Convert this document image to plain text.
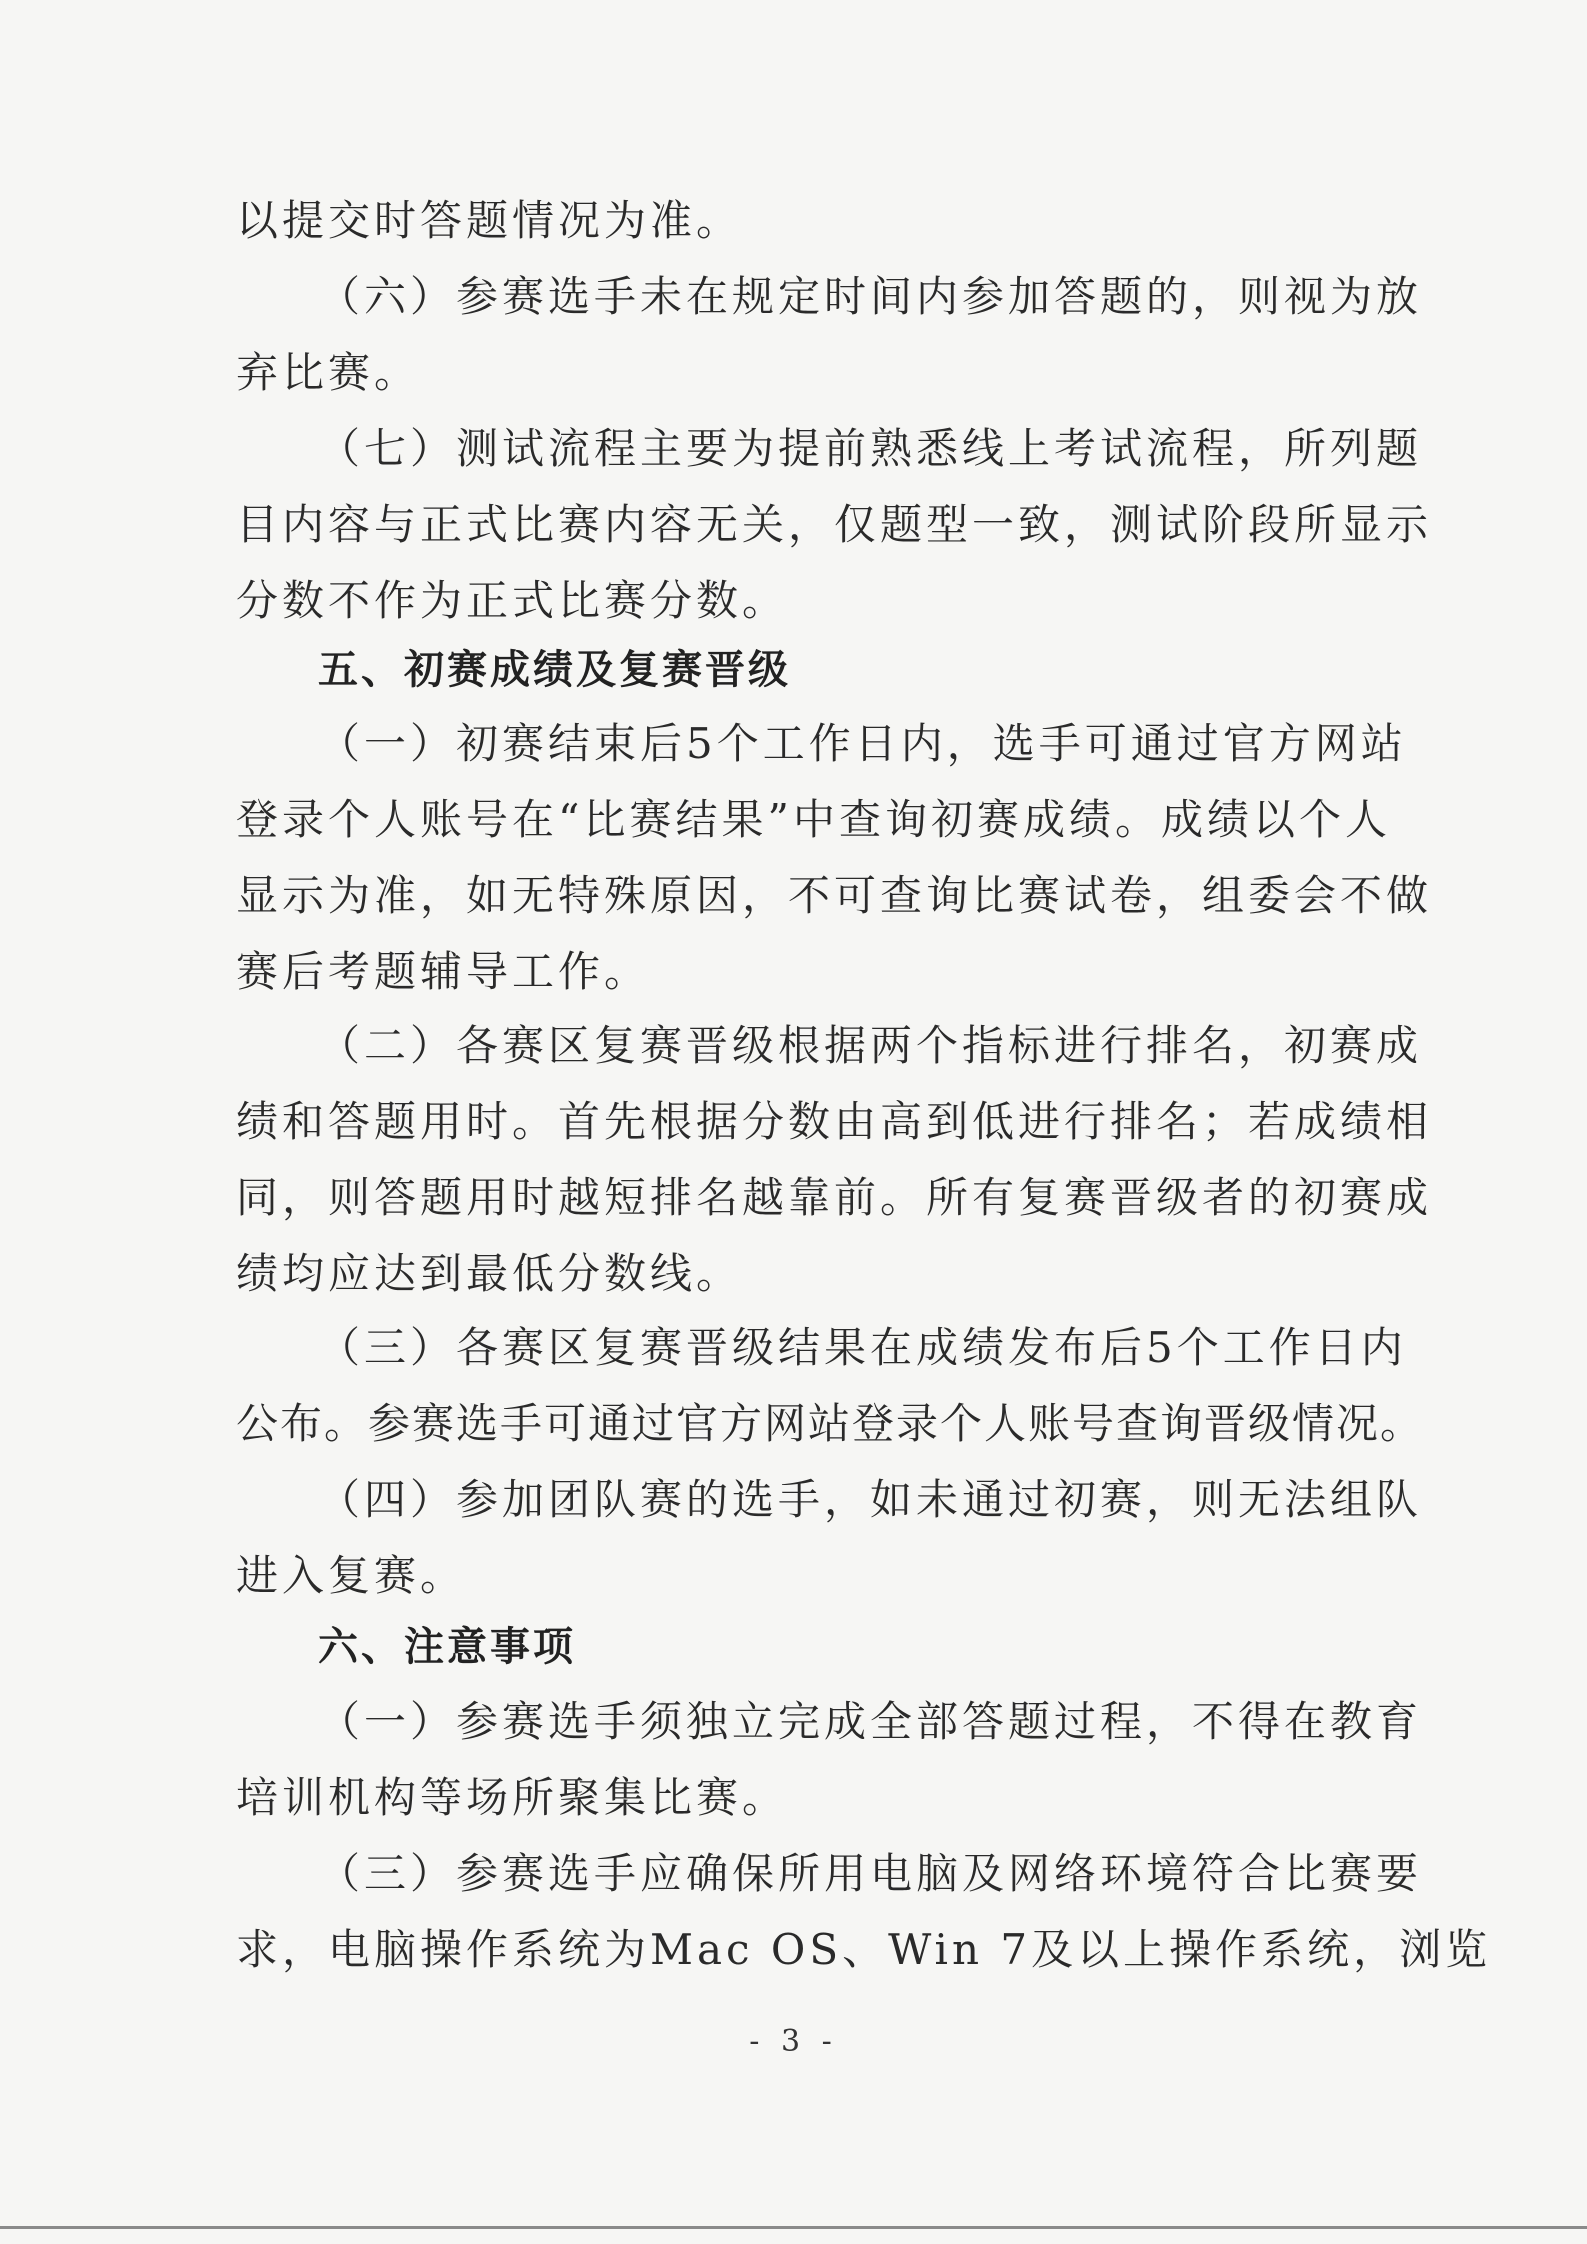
以提交时答题情况为准。
（六）参赛选手未在规定时间内参加答题的，则视为放
弃比赛。
（七）测试流程主要为提前熟悉线上考试流程，所列题
目内容与正式比赛内容无关，仅题型一致，测试阶段所显示
分数不作为正式比赛分数。
五、初赛成绩及复赛晋级
（一）初赛结束后5个工作日内，选手可通过官方网站
登录个人账号在“比赛结果”中查询初赛成绩。成绩以个人
显示为准，如无特殊原因，不可查询比赛试卷，组委会不做
赛后考题辅导工作。
（二）各赛区复赛晋级根据两个指标进行排名，初赛成
绩和答题用时。首先根据分数由高到低进行排名；若成绩相
同，则答题用时越短排名越靠前。所有复赛晋级者的初赛成
绩均应达到最低分数线。
（三）各赛区复赛晋级结果在成绩发布后5个工作日内
公布。参赛选手可通过官方网站登录个人账号查询晋级情况。
（四）参加团队赛的选手，如未通过初赛，则无法组队
进入复赛。
六、注意事项
（一）参赛选手须独立完成全部答题过程，不得在教育
培训机构等场所聚集比赛。
（三）参赛选手应确保所用电脑及网络环境符合比赛要
求，电脑操作系统为Mac OS、Win 7及以上操作系统，浏览
- 3 -
